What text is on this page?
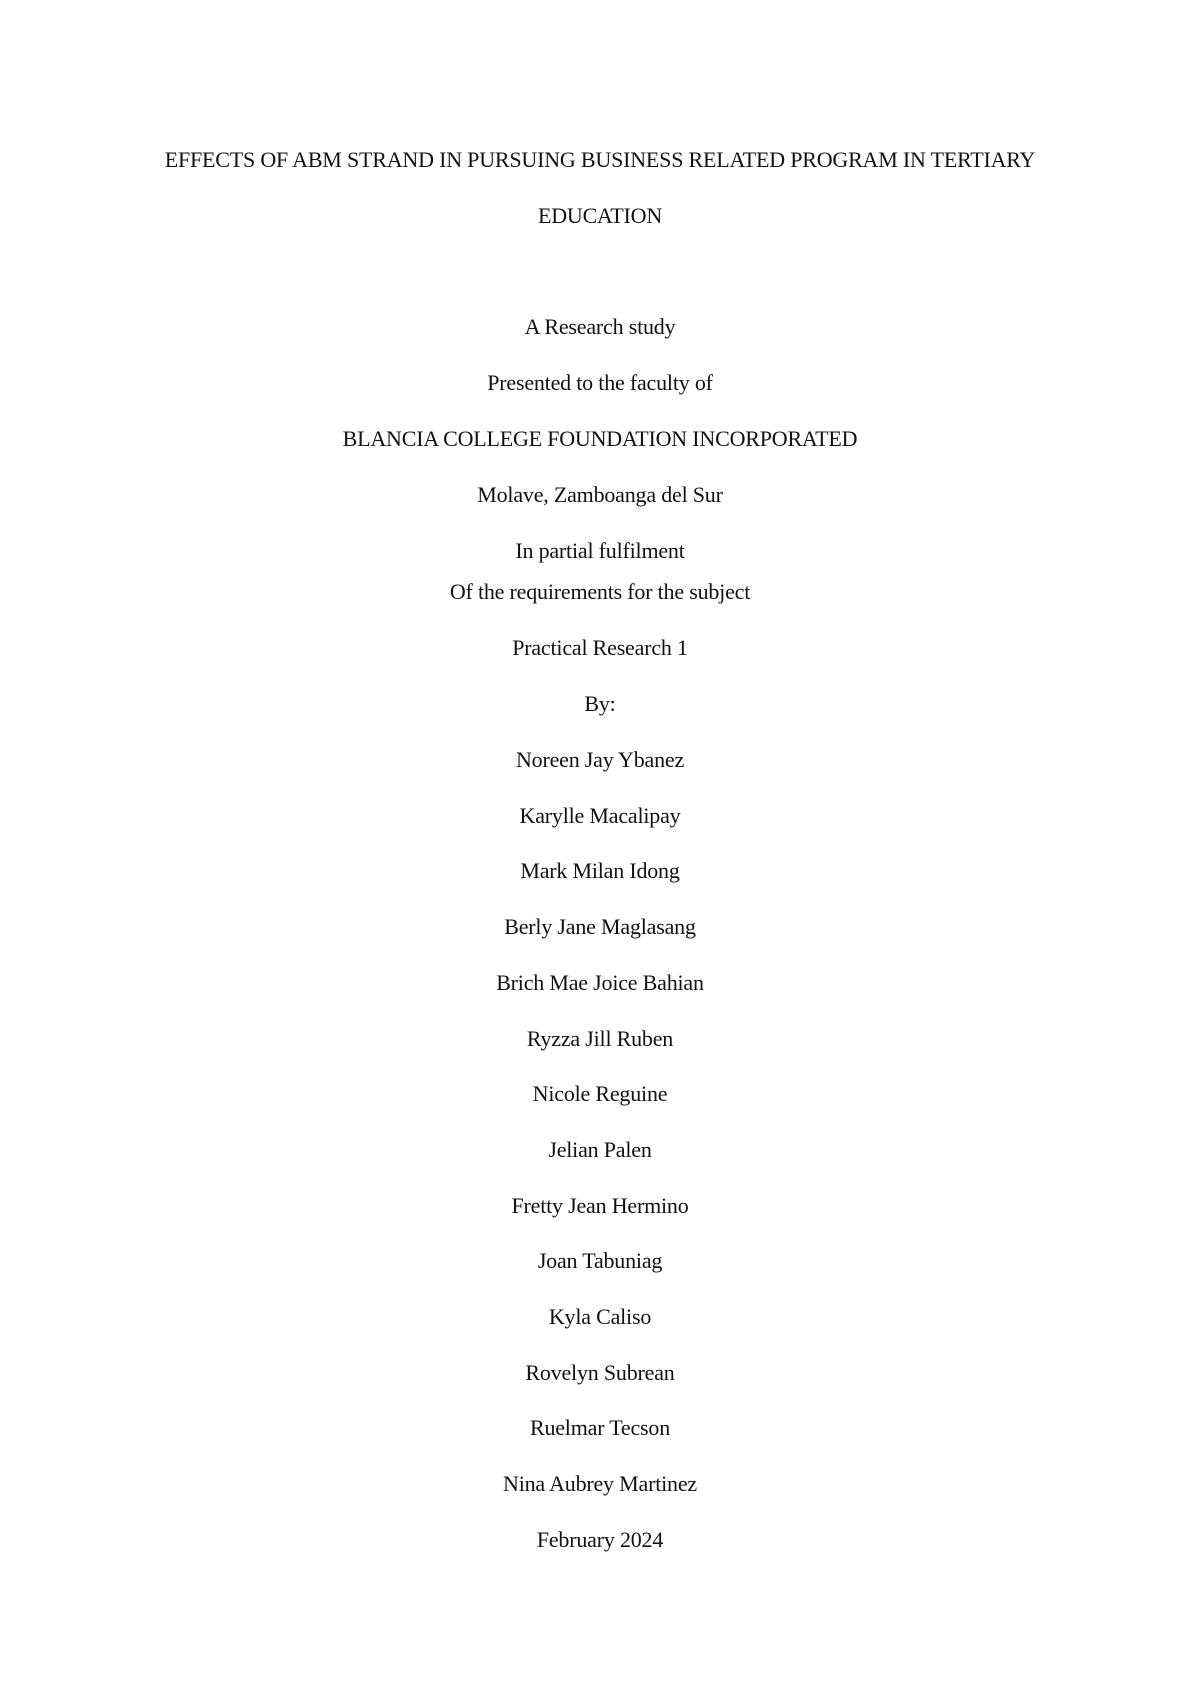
EFFECTS OF ABM STRAND IN PURSUING BUSINESS RELATED PROGRAM IN TERTIARY
EDUCATION
A Research study
Presented to the faculty of
BLANCIA COLLEGE FOUNDATION INCORPORATED
Molave, Zamboanga del Sur
In partial fulfilment
Of the requirements for the subject
Practical Research 1
By:
Noreen Jay Ybanez
Karylle Macalipay
Mark Milan Idong
Berly Jane Maglasang
Brich Mae Joice Bahian
Ryzza Jill Ruben
Nicole Reguine
Jelian Palen
Fretty Jean Hermino
Joan Tabuniag
Kyla Caliso
Rovelyn Subrean
Ruelmar Tecson
Nina Aubrey Martinez
February 2024
